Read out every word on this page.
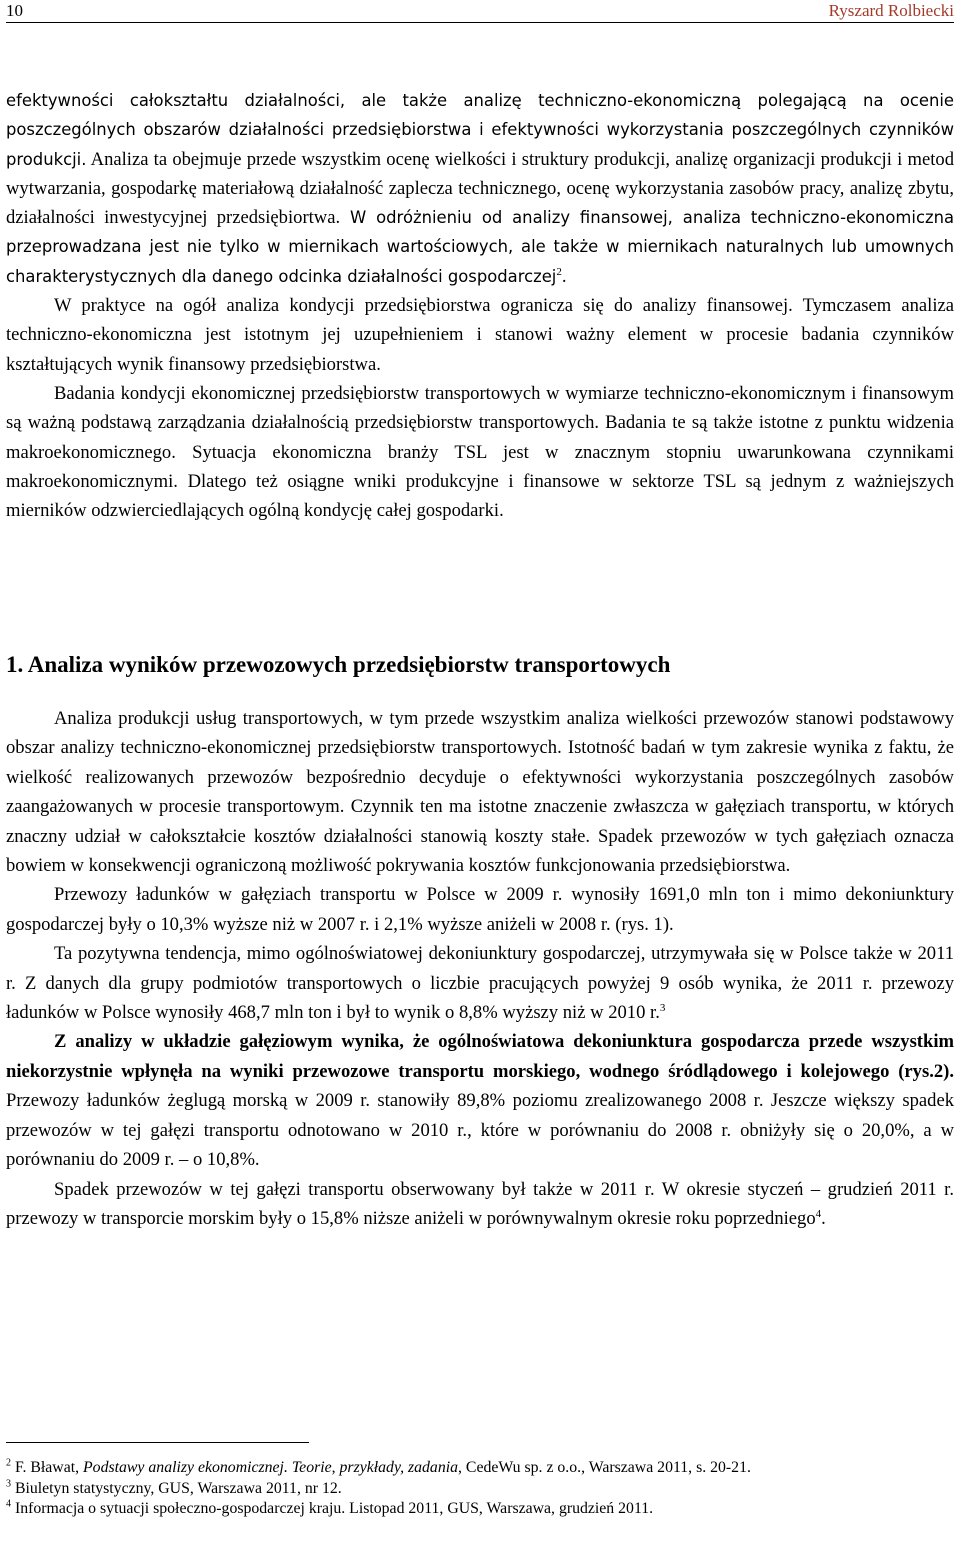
10	Ryszard Rolbiecki

efektywności całokształtu działalności, ale także analizę techniczno-ekonomiczną polegającą na ocenie poszczególnych obszarów działalności przedsiębiorstwa i efektywności wykorzystania poszczególnych czynników produkcji. Analiza ta obejmuje przede wszystkim ocenę wielkości i struktury produkcji, analizę organizacji produkcji i metod wytwarzania, gospodarkę materiałową działalność zaplecza technicznego, ocenę wykorzystania zasobów pracy, analizę zbytu, działalności inwestycyjnej przedsiębiortwa. W odróżnieniu od analizy finansowej, analiza techniczno-ekonomiczna przeprowadzana jest nie tylko w miernikach wartościowych, ale także w miernikach naturalnych lub umownych charakterystycznych dla danego odcinka działalności gospodarczej$^2$.

W praktyce na ogół analiza kondycji przedsiębiorstwa ogranicza się do analizy finansowej. Tymczasem analiza techniczno-ekonomiczna jest istotnym jej uzupełnieniem i stanowi ważny element w procesie badania czynników kształtujących wynik finansowy przedsiębiorstwa.

Badania kondycji ekonomicznej przedsiębiorstw transportowych w wymiarze techniczno-ekonomicznym i finansowym są ważną podstawą zarządzania działalnością przedsiębiorstw transportowych. Badania te są także istotne z punktu widzenia makroekonomicznego. Sytuacja ekonomiczna branży TSL jest w znacznym stopniu uwarunkowana czynnikami makroekonomicznymi. Dlatego też osiągne wniki produkcyjne i finansowe w sektorze TSL są jednym z ważniejszych mierników odzwierciedlających ogólną kondycję całej gospodarki.

1. Analiza wyników przewozowych przedsiębiorstw transportowych

Analiza produkcji usług transportowych, w tym przede wszystkim analiza wielkości przewozów stanowi podstawowy obszar analizy techniczno-ekonomicznej przedsiębiorstw transportowych. Istotność badań w tym zakresie wynika z faktu, że wielkość realizowanych przewozów bezpośrednio decyduje o efektywności wykorzystania poszczególnych zasobów zaangażowanych w procesie transportowym. Czynnik ten ma istotne znaczenie zwłaszcza w gałęziach transportu, w których znaczny udział w całokształcie kosztów działalności stanowią koszty stałe. Spadek przewozów w tych gałęziach oznacza bowiem w konsekwencji ograniczoną możliwość pokrywania kosztów funkcjonowania przedsiębiorstwa.

Przewozy ładunków w gałęziach transportu w Polsce w 2009 r. wynosiły 1691,0 mln ton i mimo dekoniunktury gospodarczej były o 10,3% wyższe niż w 2007 r. i 2,1% wyższe aniżeli w 2008 r. (rys. 1).

Ta pozytywna tendencja, mimo ogólnoświatowej dekoniunktury gospodarczej, utrzymywała się w Polsce także w 2011 r. Z danych dla grupy podmiotów transportowych o liczbie pracujących powyżej 9 osób wynika, że 2011 r. przewozy ładunków w Polsce wynosiły 468,7 mln ton i był to wynik o 8,8% wyższy niż w 2010 r.$^3$

Z analizy w układzie gałęziowym wynika, że ogólnoświatowa dekoniunktura gospodarcza przede wszystkim niekorzystnie wpłynęła na wyniki przewozowe transportu morskiego, wodnego śródlądowego i kolejowego (rys.2). Przewozy ładunków żeglugą morską w 2009 r. stanowiły 89,8% poziomu zrealizowanego 2008 r. Jeszcze większy spadek przewozów w tej gałęzi transportu odnotowano w 2010 r., które w porównaniu do 2008 r. obniżyły się o 20,0%, a w porównaniu do 2009 r. – o 10,8%.

Spadek przewozów w tej gałęzi transportu obserwowany był także w 2011 r. W okresie styczeń – grudzień 2011 r. przewozy w transporcie morskim były o 15,8% niższe aniżeli w porównywalnym okresie roku poprzedniego$^4$.

$^2$ F. Bławat, Podstawy analizy ekonomicznej. Teorie, przykłady, zadania, CedeWu sp. z o.o., Warszawa 2011, s. 20-21.

$^3$ Biuletyn statystyczny, GUS, Warszawa 2011, nr 12.

$^4$ Informacja o sytuacji społeczno-gospodarczej kraju. Listopad 2011, GUS, Warszawa, grudzień 2011.
